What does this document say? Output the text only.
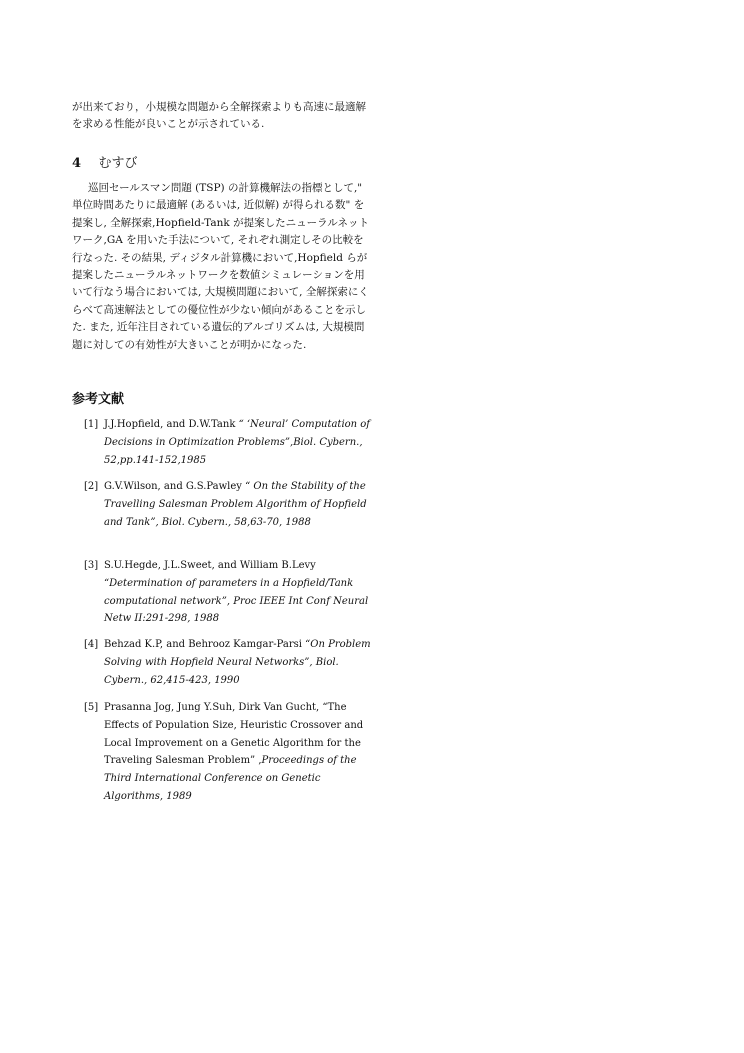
が出来ており，小規模な問題から全解探索よりも高速に最適解を求める性能が良いことが示されている.

4 むすび

巡回セールスマン問題 (TSP) の計算機解法の指標として," 単位時間あたりに最適解 (あるいは, 近似解) が得られる数" を提案し, 全解探索,Hopfield-Tank が提案したニューラルネットワーク,GA を用いた手法について, それぞれ測定しその比較を行なった. その結果, ディジタル計算機において,Hopfield らが提案したニューラルネットワークを数値シミュレーションを用いて行なう場合においては, 大規模問題において, 全解探索にくらべて高速解法としての優位性が少ない傾向があることを示した. また, 近年注目されている遺伝的アルゴリズムは, 大規模問題に対しての有効性が大きいことが明かになった.

参考文献
[1] J.J.Hopfield, and D.W.Tank “ ‘Neural’ Computation of Decisions in Optimization Problems”,Biol. Cybern., 52,pp.141-152,1985
[2] G.V.Wilson, and G.S.Pawley “ On the Stability of the Travelling Salesman Problem Algorithm of Hopfield and Tank”, Biol. Cybern., 58,63-70, 1988
[3] S.U.Hegde, J.L.Sweet, and William B.Levy “Determination of parameters in a Hopfield/Tank computational network”, Proc IEEE Int Conf Neural Netw II:291-298, 1988
[4] Behzad K.P, and Behrooz Kamgar-Parsi “On Problem Solving with Hopfield Neural Networks”, Biol. Cybern., 62,415-423, 1990
[5] Prasanna Jog, Jung Y.Suh, Dirk Van Gucht, “The Effects of Population Size, Heuristic Crossover and Local Improvement on a Genetic Algorithm for the Traveling Salesman Problem” ,Proceedings of the Third International Conference on Genetic Algorithms, 1989
